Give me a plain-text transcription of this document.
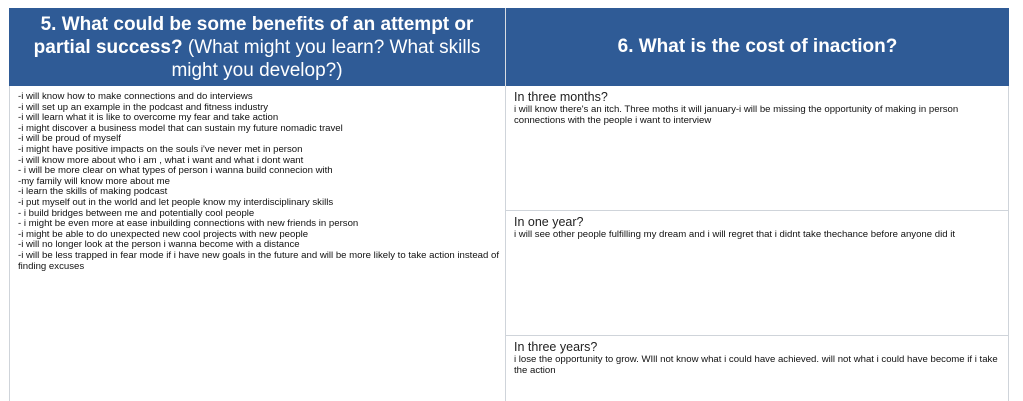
5. What could be some benefits of an attempt or partial success? (What might you learn? What skills might you develop?)
6. What is the cost of inaction?
-i will know how to make connections and do interviews
-i will set up an example in the podcast and fitness industry
-i will learn what it is like to overcome my fear and take action
-i might discover a business model that can sustain my future nomadic travel
-i will be proud of myself
-i might have positive impacts on the souls i've never met in person
-i will know more about who i am , what i want and what i dont want
- i will be more clear on what types of person i wanna build connecion with
-my family will know more about me
-i learn the skills of making podcast
-i put myself out in the world and let people know my interdisciplinary skills
- i build bridges between me and potentially cool people
- i might be even more at ease inbuilding connections with new friends in person
-i might be able to do unexpected new cool projects with new people
-i will no longer look at the person i wanna become with a distance
-i will be less trapped in fear mode if i have new goals in the future and will be more likely to take action instead of finding excuses
In three months?
i will know there's an itch. Three moths it will january-i will be missing the opportunity of making in person connections with the people i want to interview
In one year?
i will see other people fulfilling my dream and i will regret that i didnt take thechance before anyone did it
In three years?
i lose the opportunity to grow. WIll not know what i could have achieved. will not what i could have become if i take the action
